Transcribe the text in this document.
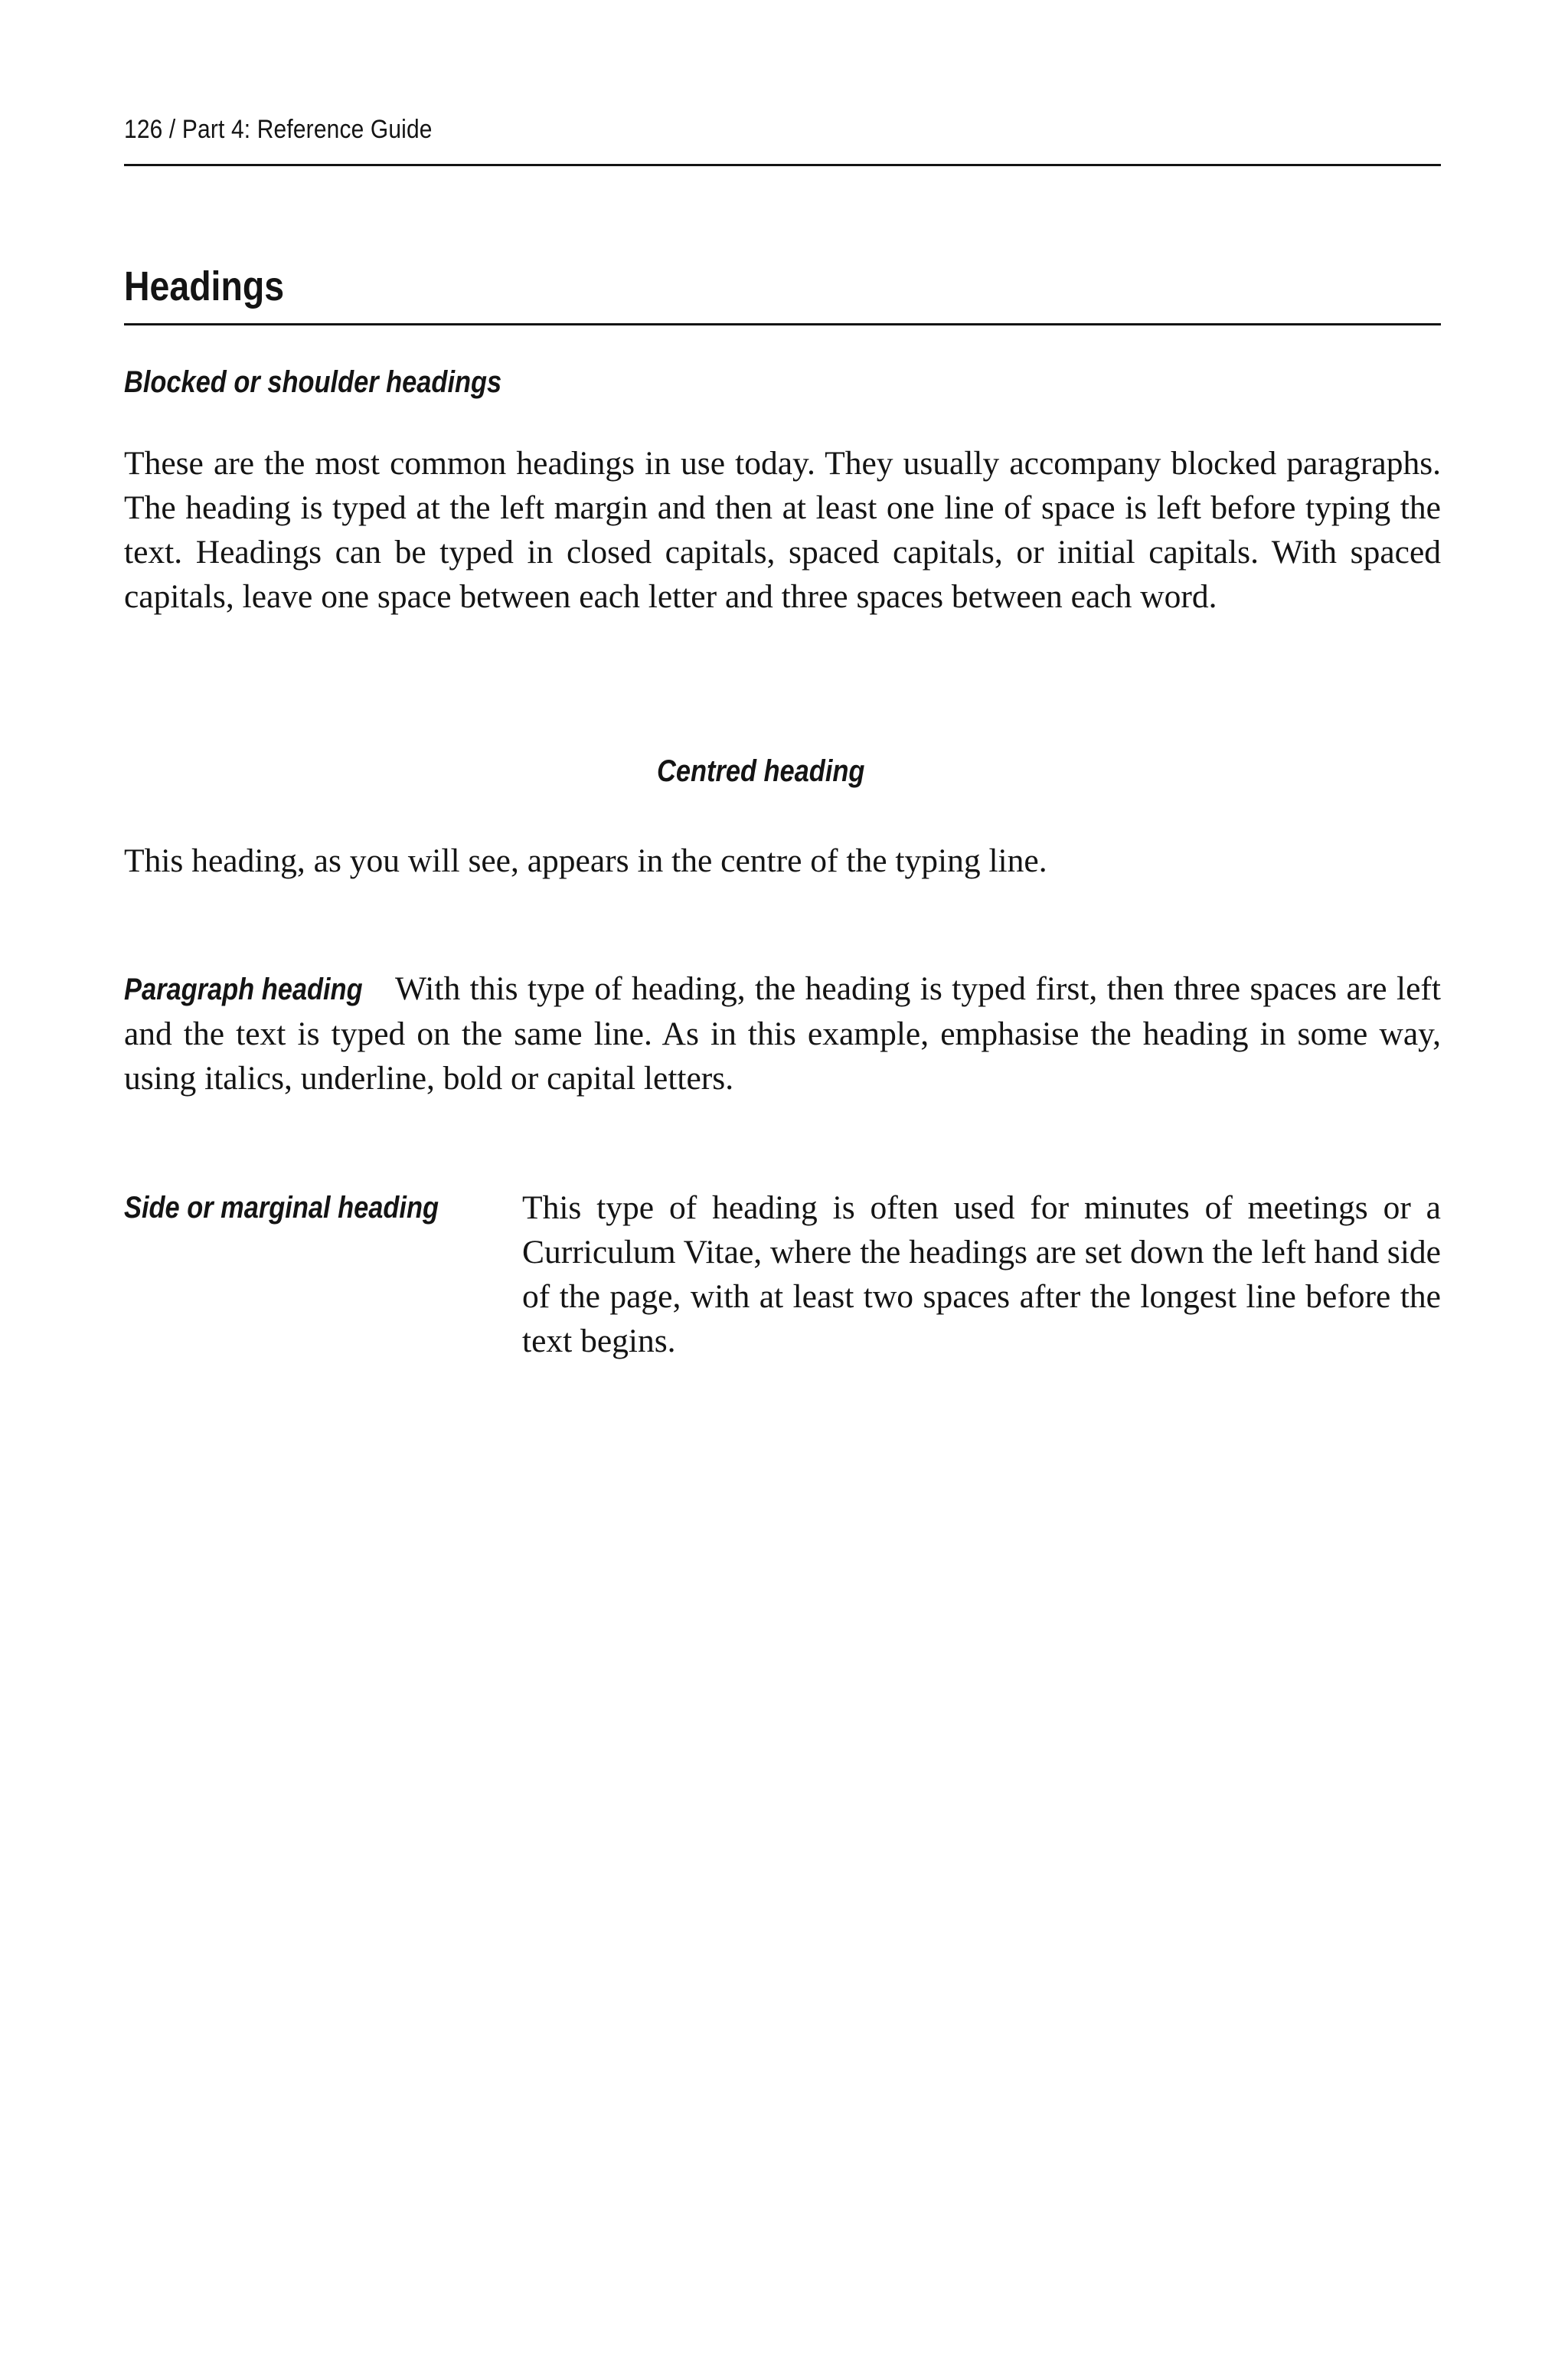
126 / Part 4: Reference Guide
Headings
Blocked or shoulder headings

These are the most common headings in use today. They usually accompany blocked paragraphs. The heading is typed at the left margin and then at least one line of space is left before typing the text. Headings can be typed in closed capitals, spaced capitals, or initial capitals. With spaced capitals, leave one space between each letter and three spaces between each word.

Centred heading

This heading, as you will see, appears in the centre of the typing line.

Paragraph heading With this type of heading, the heading is typed first, then three spaces are left and the text is typed on the same line. As in this example, emphasise the heading in some way, using italics, underline, bold or capital letters.

Side or marginal heading	This type of heading is often used for minutes of meetings or a Curriculum Vitae, where the headings are set down the left hand side of the page, with at least two spaces after the longest line before the text begins.
